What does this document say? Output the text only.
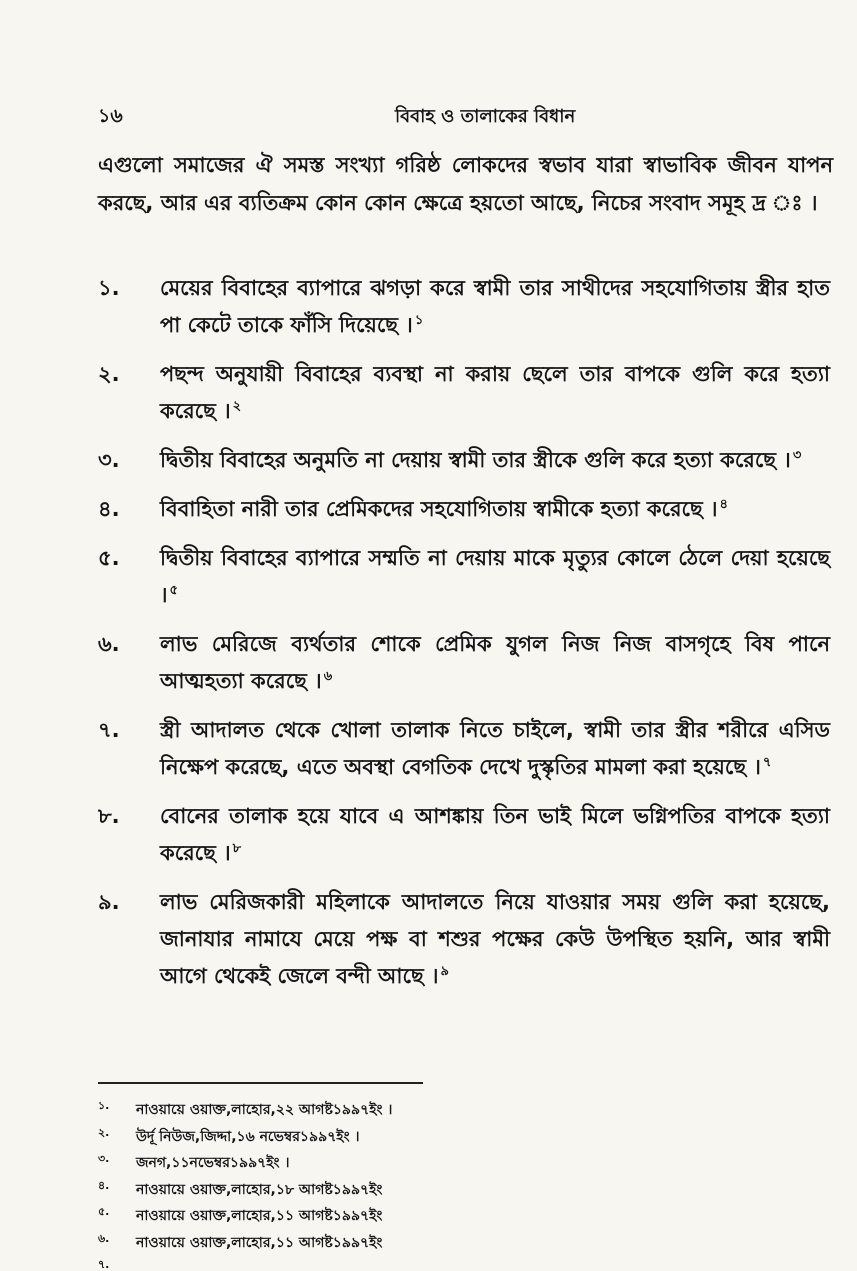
১৬	বিবাহ ও তালাকের বিধান

এগুলো সমাজের ঐ সমস্ত সংখ্যা গরিষ্ঠ লোকদের স্বভাব যারা স্বাভাবিক জীবন যাপন করছে, আর এর ব্যতিক্রম কোন কোন ক্ষেত্রে হয়তো আছে, নিচের সংবাদ সমূহ দ্র ঃ ।

১. মেয়ের বিবাহের ব্যাপারে ঝগড়া করে স্বামী তার সাথীদের সহযোগিতায় স্ত্রীর হাত পা কেটে তাকে ফাঁসি দিয়েছে । $^১$
২. পছন্দ অনুযায়ী বিবাহের ব্যবস্থা না করায় ছেলে তার বাপকে গুলি করে হত্যা করেছে । $^২$
৩. দ্বিতীয় বিবাহের অনুমতি না দেয়ায় স্বামী তার স্ত্রীকে গুলি করে হত্যা করেছে । $^৩$
৪. বিবাহিতা নারী তার প্রেমিকদের সহযোগিতায় স্বামীকে হত্যা করেছে । $^৪$
৫. দ্বিতীয় বিবাহের ব্যাপারে সম্মতি না দেয়ায় মাকে মৃত্যুর কোলে ঠেলে দেয়া হয়েছে । $^৫$
৬. লাভ মেরিজে ব্যর্থতার শোকে প্রেমিক যুগল নিজ নিজ বাসগৃহে বিষ পানে আত্মহত্যা করেছে । $^৬$
৭. স্ত্রী আদালত থেকে খোলা তালাক নিতে চাইলে, স্বামী তার স্ত্রীর শরীরে এসিড নিক্ষেপ করেছে, এতে অবস্থা বেগতিক দেখে দুস্কৃতির মামলা করা হয়েছে । $^৭$
৮. বোনের তালাক হয়ে যাবে এ আশঙ্কায় তিন ভাই মিলে ভগ্নিপতির বাপকে হত্যা করেছে । $^৮$
৯. লাভ মেরিজকারী মহিলাকে আদালতে নিয়ে যাওয়ার সময় গুলি করা হয়েছে, জানাযার নামাযে মেয়ে পক্ষ বা শশুর পক্ষের কেউ উপস্থিত হয়নি, আর স্বামী আগে থেকেই জেলে বন্দী আছে । $^৯$
১. নাওয়ায়ে ওয়াক্ত,লাহোর,২২ আগষ্ট১৯৯৭ইং ।
২. উর্দূ নিউজ,জিদ্দা,১৬ নভেম্বর১৯৯৭ইং ।
৩. জনগ,১১নভেম্বর১৯৯৭ইং ।
৪. নাওয়ায়ে ওয়াক্ত,লাহোর,১৮ আগষ্ট১৯৯৭ইং
৫. নাওয়ায়ে ওয়াক্ত,লাহোর,১১ আগষ্ট১৯৯৭ইং
৬. নাওয়ায়ে ওয়াক্ত,লাহোর,১১ আগষ্ট১৯৯৭ইং
৭.
